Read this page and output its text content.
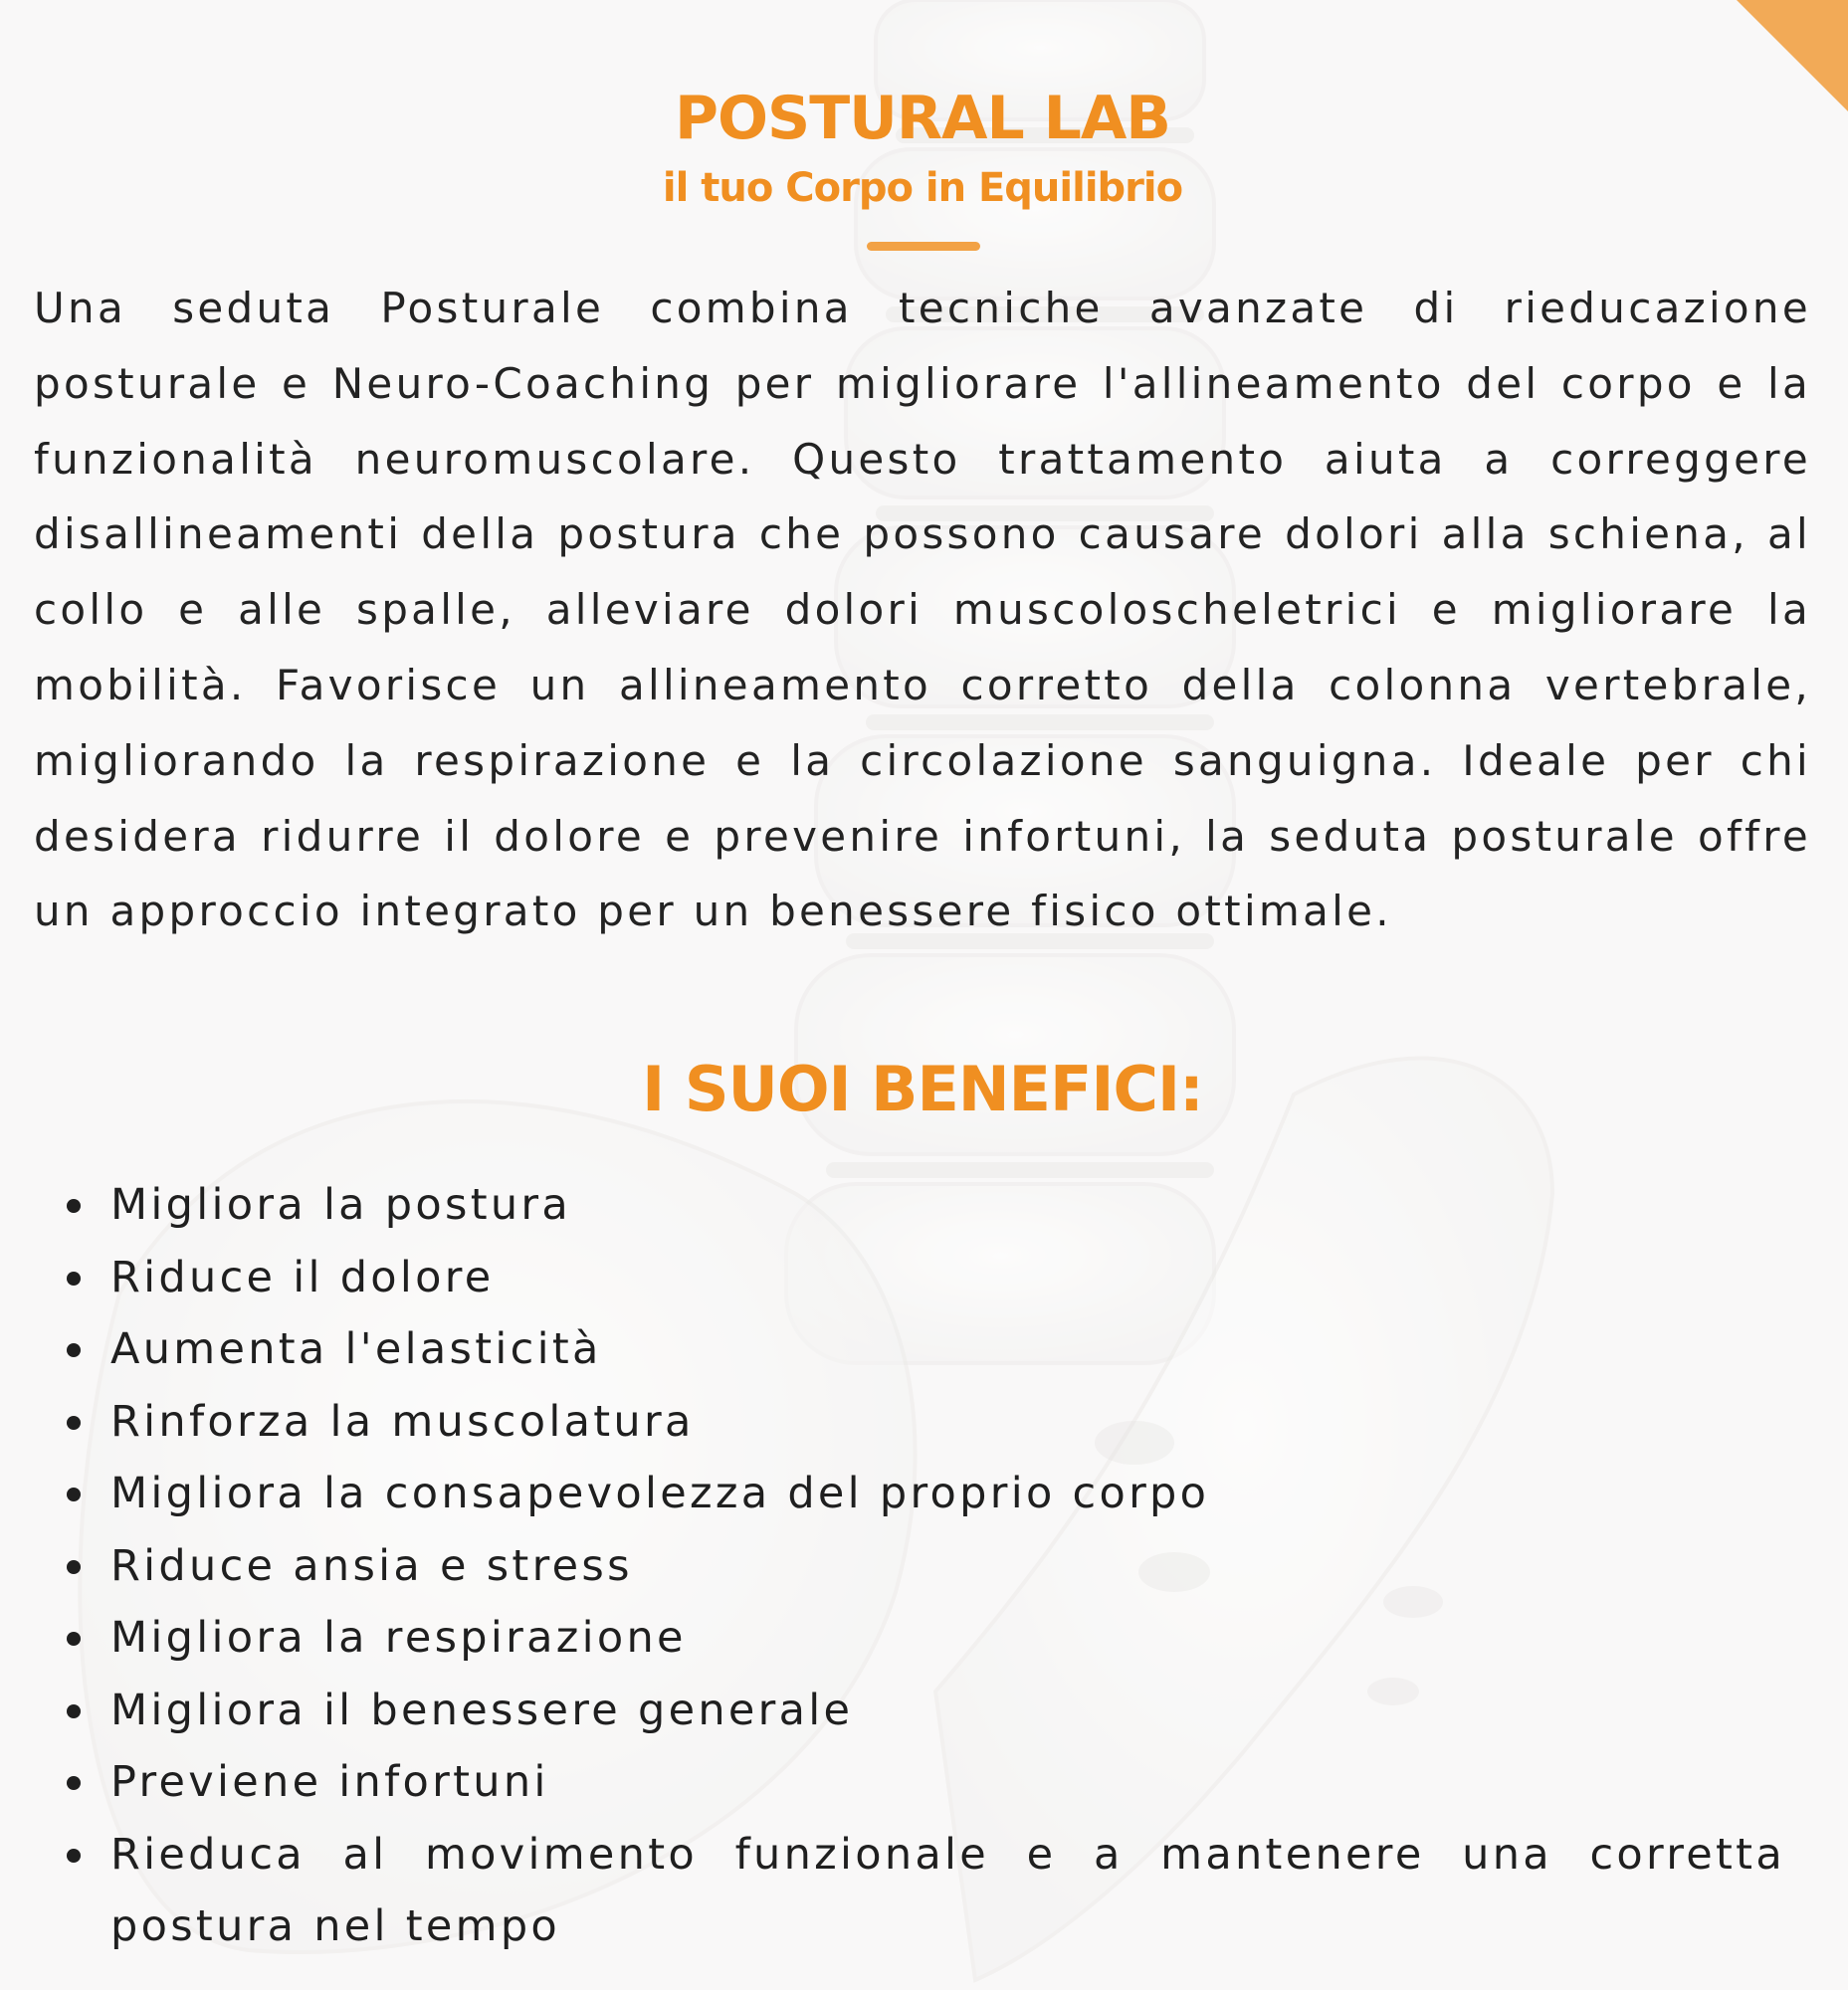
POSTURAL LAB
il tuo Corpo in Equilibrio

Una seduta Posturale combina tecniche avanzate di rieducazione posturale e Neuro-Coaching per migliorare l'allineamento del corpo e la funzionalità neuromuscolare. Questo trattamento aiuta a correggere disallineamenti della postura che possono causare dolori alla schiena, al collo e alle spalle, alleviare dolori muscoloscheletrici e migliorare la mobilità. Favorisce un allineamento corretto della colonna vertebrale, migliorando la respirazione e la circolazione sanguigna. Ideale per chi desidera ridurre il dolore e prevenire infortuni, la seduta posturale offre un approccio integrato per un benessere fisico ottimale.

I SUOI BENEFICI:
Migliora la postura
Riduce il dolore
Aumenta l'elasticità
Rinforza la muscolatura
Migliora la consapevolezza del proprio corpo
Riduce ansia e stress
Migliora la respirazione
Migliora il benessere generale
Previene infortuni
Rieduca al movimento funzionale e a mantenere una corretta postura nel tempo
